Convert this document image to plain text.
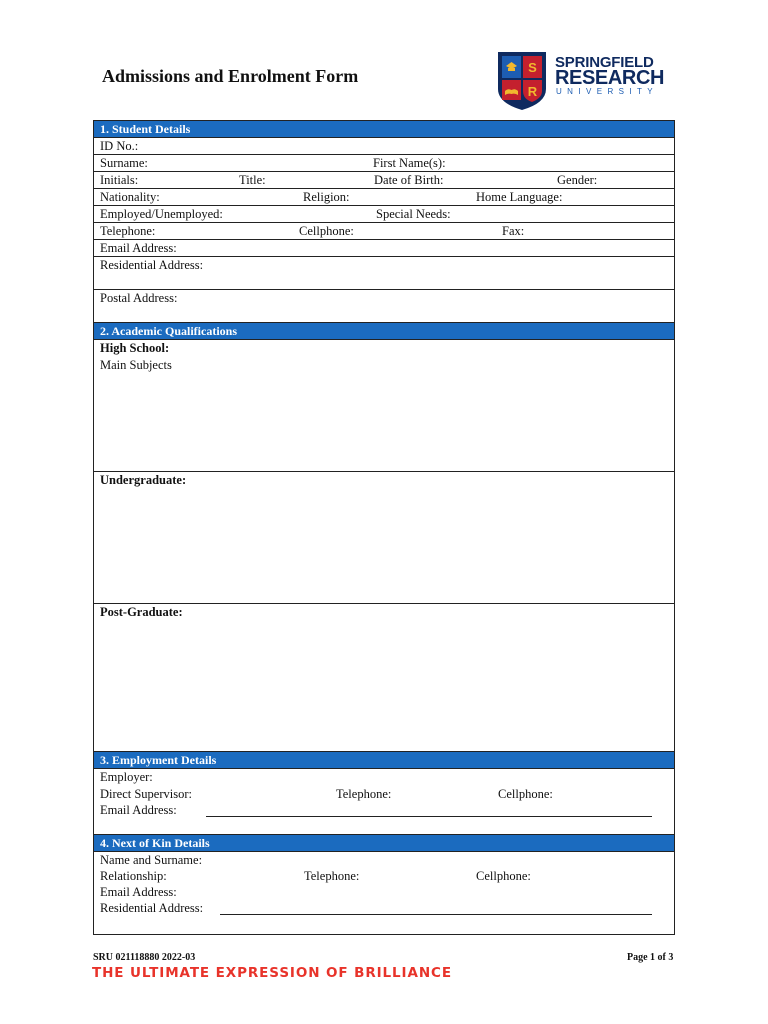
Admissions and Enrolment Form	S
R
SPRINGFIELD
RESEARCH
UNIVERSITY
1. Student Details
ID No.:
Surname:	First Name(s):
Initials:	Title:	Date of Birth:	Gender:
Nationality:	Religion:	Home Language:
Employed/Unemployed:	Special Needs:
Telephone:	Cellphone:	Fax:
Email Address:
Residential Address:
Postal Address:
2. Academic Qualifications
High School:
Main Subjects
Undergraduate:
Post-Graduate:
3. Employment Details
Employer:
Direct Supervisor:	Telephone:	Cellphone:
Email Address:
4. Next of Kin Details
Name and Surname:
Relationship:	Telephone:	Cellphone:
Email Address:
Residential Address:
SRU 021118880 2022-03	Page 1 of 3
THE ULTIMATE EXPRESSION OF BRILLIANCE
